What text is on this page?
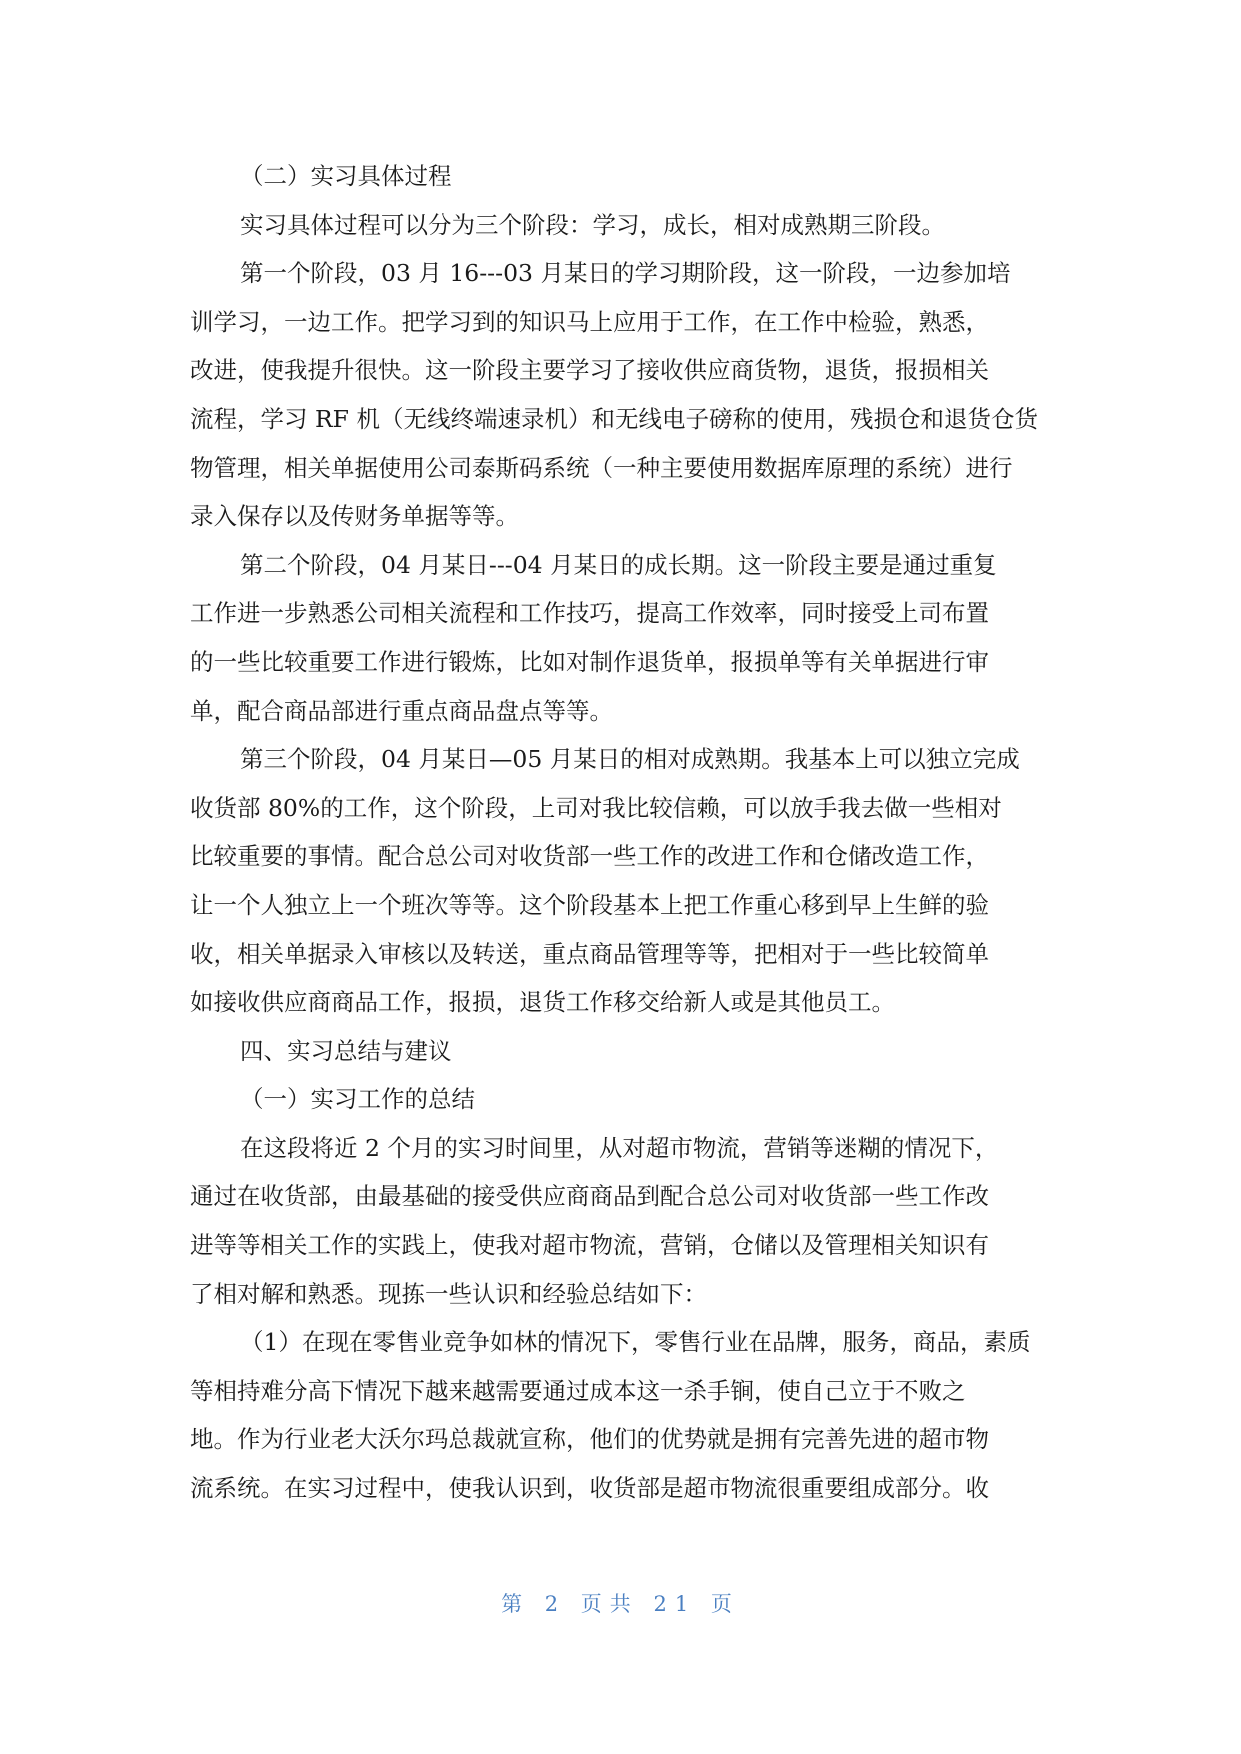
（二）实习具体过程

实习具体过程可以分为三个阶段：学习，成长，相对成熟期三阶段。

第一个阶段，03 月 16---03 月某日的学习期阶段，这一阶段，一边参加培

训学习，一边工作。把学习到的知识马上应用于工作，在工作中检验，熟悉，

改进，使我提升很快。这一阶段主要学习了接收供应商货物，退货，报损相关

流程，学习 RF 机（无线终端速录机）和无线电子磅称的使用，残损仓和退货仓货

物管理，相关单据使用公司泰斯码系统（一种主要使用数据库原理的系统）进行

录入保存以及传财务单据等等。

第二个阶段，04 月某日---04 月某日的成长期。这一阶段主要是通过重复

工作进一步熟悉公司相关流程和工作技巧，提高工作效率，同时接受上司布置

的一些比较重要工作进行锻炼，比如对制作退货单，报损单等有关单据进行审

单，配合商品部进行重点商品盘点等等。

第三个阶段，04 月某日—05 月某日的相对成熟期。我基本上可以独立完成

收货部 80%的工作，这个阶段，上司对我比较信赖，可以放手我去做一些相对

比较重要的事情。配合总公司对收货部一些工作的改进工作和仓储改造工作，

让一个人独立上一个班次等等。这个阶段基本上把工作重心移到早上生鲜的验

收，相关单据录入审核以及转送，重点商品管理等等，把相对于一些比较简单

如接收供应商商品工作，报损，退货工作移交给新人或是其他员工。

四、实习总结与建议

（一）实习工作的总结

在这段将近 2 个月的实习时间里，从对超市物流，营销等迷糊的情况下，

通过在收货部，由最基础的接受供应商商品到配合总公司对收货部一些工作改

进等等相关工作的实践上，使我对超市物流，营销，仓储以及管理相关知识有

了相对解和熟悉。现拣一些认识和经验总结如下：

（1）在现在零售业竞争如林的情况下，零售行业在品牌，服务，商品，素质

等相持难分高下情况下越来越需要通过成本这一杀手锏，使自己立于不败之

地。作为行业老大沃尔玛总裁就宣称，他们的优势就是拥有完善先进的超市物

流系统。在实习过程中，使我认识到，收货部是超市物流很重要组成部分。收

第 2 页共 21 页
